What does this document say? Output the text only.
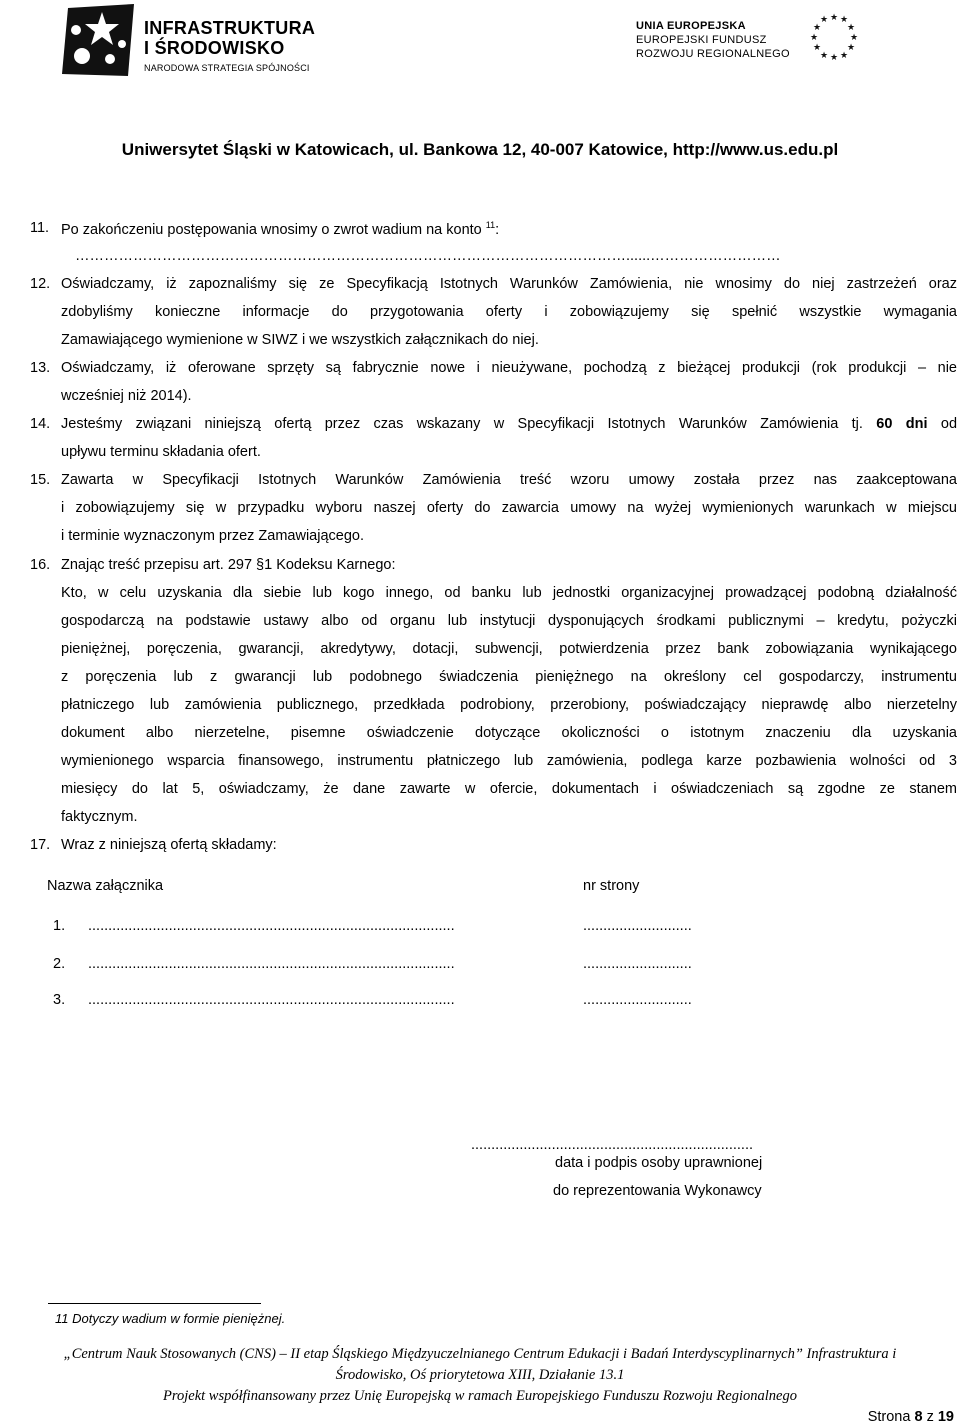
INFRASTRUKTURA
I ŚRODOWISKO
NARODOWA STRATEGIA SPÓJNOŚCI
UNIA EUROPEJSKA
EUROPEJSKI FUNDUSZ
ROZWOJU REGIONALNEGO
★ ★
★
★
★
★
★
★
★
★
★
★
Uniwersytet Śląski w Katowicach, ul. Bankowa 12, 40-007 Katowice, http://www.us.edu.pl
11. Po zakończeniu postępowania wnosimy o zwrot wadium na konto $^{11}$:
……………………………………………………………………………………………………......………………………
12. Oświadczamy, iż zapoznaliśmy się ze Specyfikacją Istotnych Warunków Zamówienia, nie wnosimy do niej zastrzeżeń oraz
zdobyliśmy konieczne informacje do przygotowania oferty i zobowiązujemy się spełnić wszystkie wymagania
Zamawiającego wymienione w SIWZ i we wszystkich załącznikach do niej.
13. Oświadczamy, iż oferowane sprzęty są fabrycznie nowe i nieużywane, pochodzą z bieżącej produkcji (rok produkcji – nie
wcześniej niż 2014).
14. Jesteśmy związani niniejszą ofertą przez czas wskazany w Specyfikacji Istotnych Warunków Zamówienia tj. 60 dni od
upływu terminu składania ofert.
15. Zawarta w Specyfikacji Istotnych Warunków Zamówienia treść wzoru umowy została przez nas zaakceptowana
i zobowiązujemy się w przypadku wyboru naszej oferty do zawarcia umowy na wyżej wymienionych warunkach w miejscu
i terminie wyznaczonym przez Zamawiającego.
16. Znając treść przepisu art. 297 §1 Kodeksu Karnego:
Kto, w celu uzyskania dla siebie lub kogo innego, od banku lub jednostki organizacyjnej prowadzącej podobną działalność
gospodarczą na podstawie ustawy albo od organu lub instytucji dysponujących środkami publicznymi – kredytu, pożyczki
pieniężnej, poręczenia, gwarancji, akredytywy, dotacji, subwencji, potwierdzenia przez bank zobowiązania wynikającego
z poręczenia lub z gwarancji lub podobnego świadczenia pieniężnego na określony cel gospodarczy, instrumentu
płatniczego lub zamówienia publicznego, przedkłada podrobiony, przerobiony, poświadczający nieprawdę albo nierzetelny
dokument albo nierzetelne, pisemne oświadczenie dotyczące okoliczności o istotnym znaczeniu dla uzyskania
wymienionego wsparcia finansowego, instrumentu płatniczego lub zamówienia, podlega karze pozbawienia wolności od 3
miesięcy do lat 5, oświadczamy, że dane zawarte w ofercie, dokumentach i oświadczeniach są zgodne ze stanem
faktycznym.
17. Wraz z niniejszą ofertą składamy:
Nazwa załącznika	nr strony
1. ...........................................................................................	...........................
2. ...........................................................................................	...........................
3. ...........................................................................................	...........................
......................................................................
data i podpis osoby uprawnionej
do reprezentowania Wykonawcy
11 Dotyczy wadium w formie pieniężnej.
„Centrum Nauk Stosowanych (CNS) – II etap Śląskiego Międzyuczelnianego Centrum Edukacji i Badań Interdyscyplinarnych” Infrastruktura i
Środowisko, Oś priorytetowa XIII, Działanie 13.1
Projekt współfinansowany przez Unię Europejską w ramach Europejskiego Funduszu Rozwoju Regionalnego
Strona 8 z 19
